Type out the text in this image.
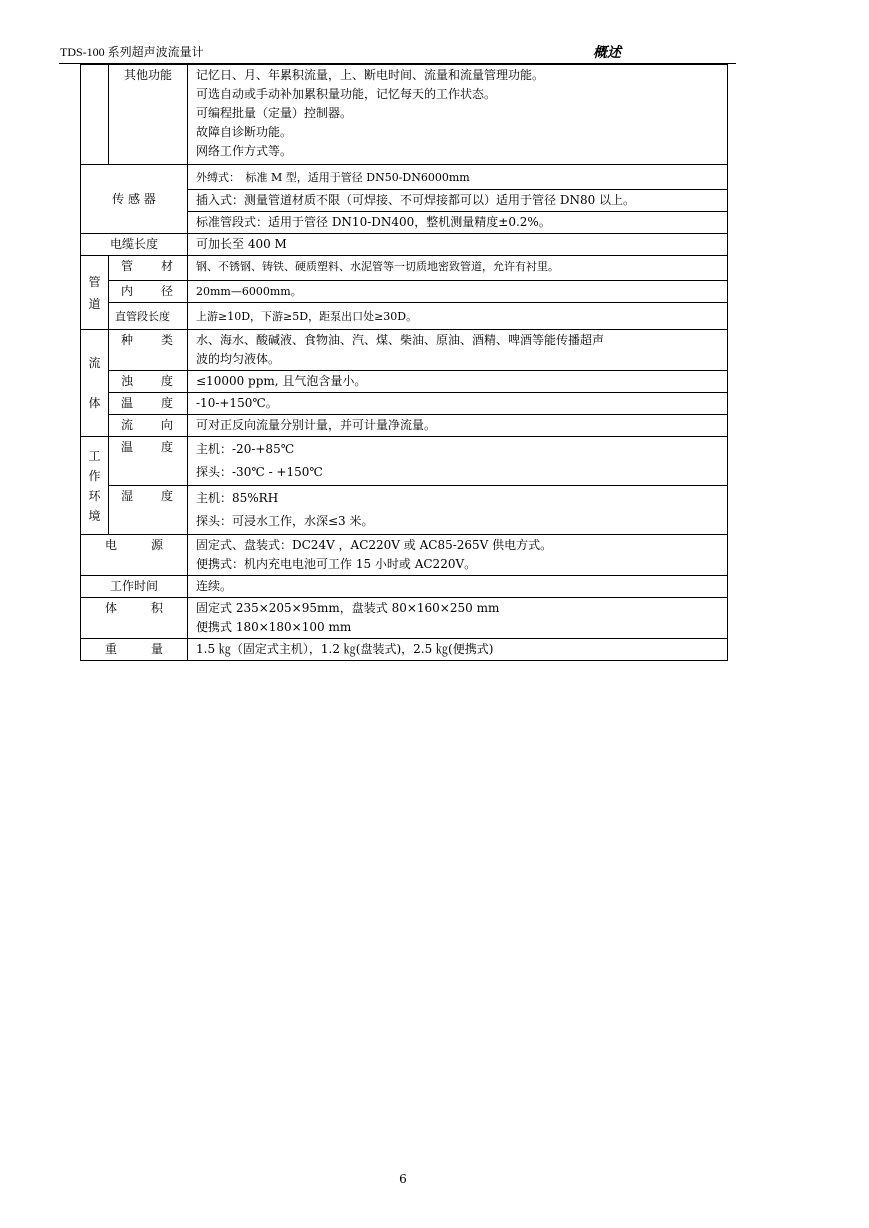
TDS-100 系列超声波流量计	概述
	其他功能	记忆日、月、年累积流量，上、断电时间、流量和流量管理功能。
可选自动或手动补加累积量功能，记忆每天的工作状态。
可编程批量（定量）控制器。
故障自诊断功能。
网络工作方式等。

传 感 器		外缚式：　标准 M 型，适用于管径 DN50-DN6000mm
		插入式：测量管道材质不限（可焊接、不可焊接都可以）适用于管径 DN80 以上。
		标准管段式：适用于管径 DN10-DN400，整机测量精度±0.2%。
电缆长度		可加长至 400 M

管
道	管　　材	钢、不锈钢、铸铁、硬质塑料、水泥管等一切质地密致管道，允许有衬里。
	内　　径	20mm—6000mm。
	直管段长度	上游≥10D，下游≥5D，距泵出口处≥30D。

流
体	种　　类	水、海水、酸碱液、食物油、汽、煤、柴油、原油、酒精、啤酒等能传播超声
波的均匀液体。

	浊　　度	≤10000 ppm, 且气泡含量小。
	温　　度	-10-+150℃。
	流　　向	可对正反向流量分别计量，并可计量净流量。

工
作
环
境	温　　度	主机：-20-+85℃
探头：-30℃ - +150℃

	湿　　度	主机：85%RH
探头：可浸水工作，水深≤3 米。

电　　源		固定式、盘装式：DC24V ，AC220V 或 AC85-265V 供电方式。
便携式：机内充电电池可工作 15 小时或 AC220V。

工作时间		连续。
体　　积		固定式 235×205×95mm，盘装式 80×160×250 mm
便携式 180×180×100 mm

重　　量		1.5 ㎏（固定式主机），1.2 ㎏(盘装式)，2.5 ㎏(便携式)
6
